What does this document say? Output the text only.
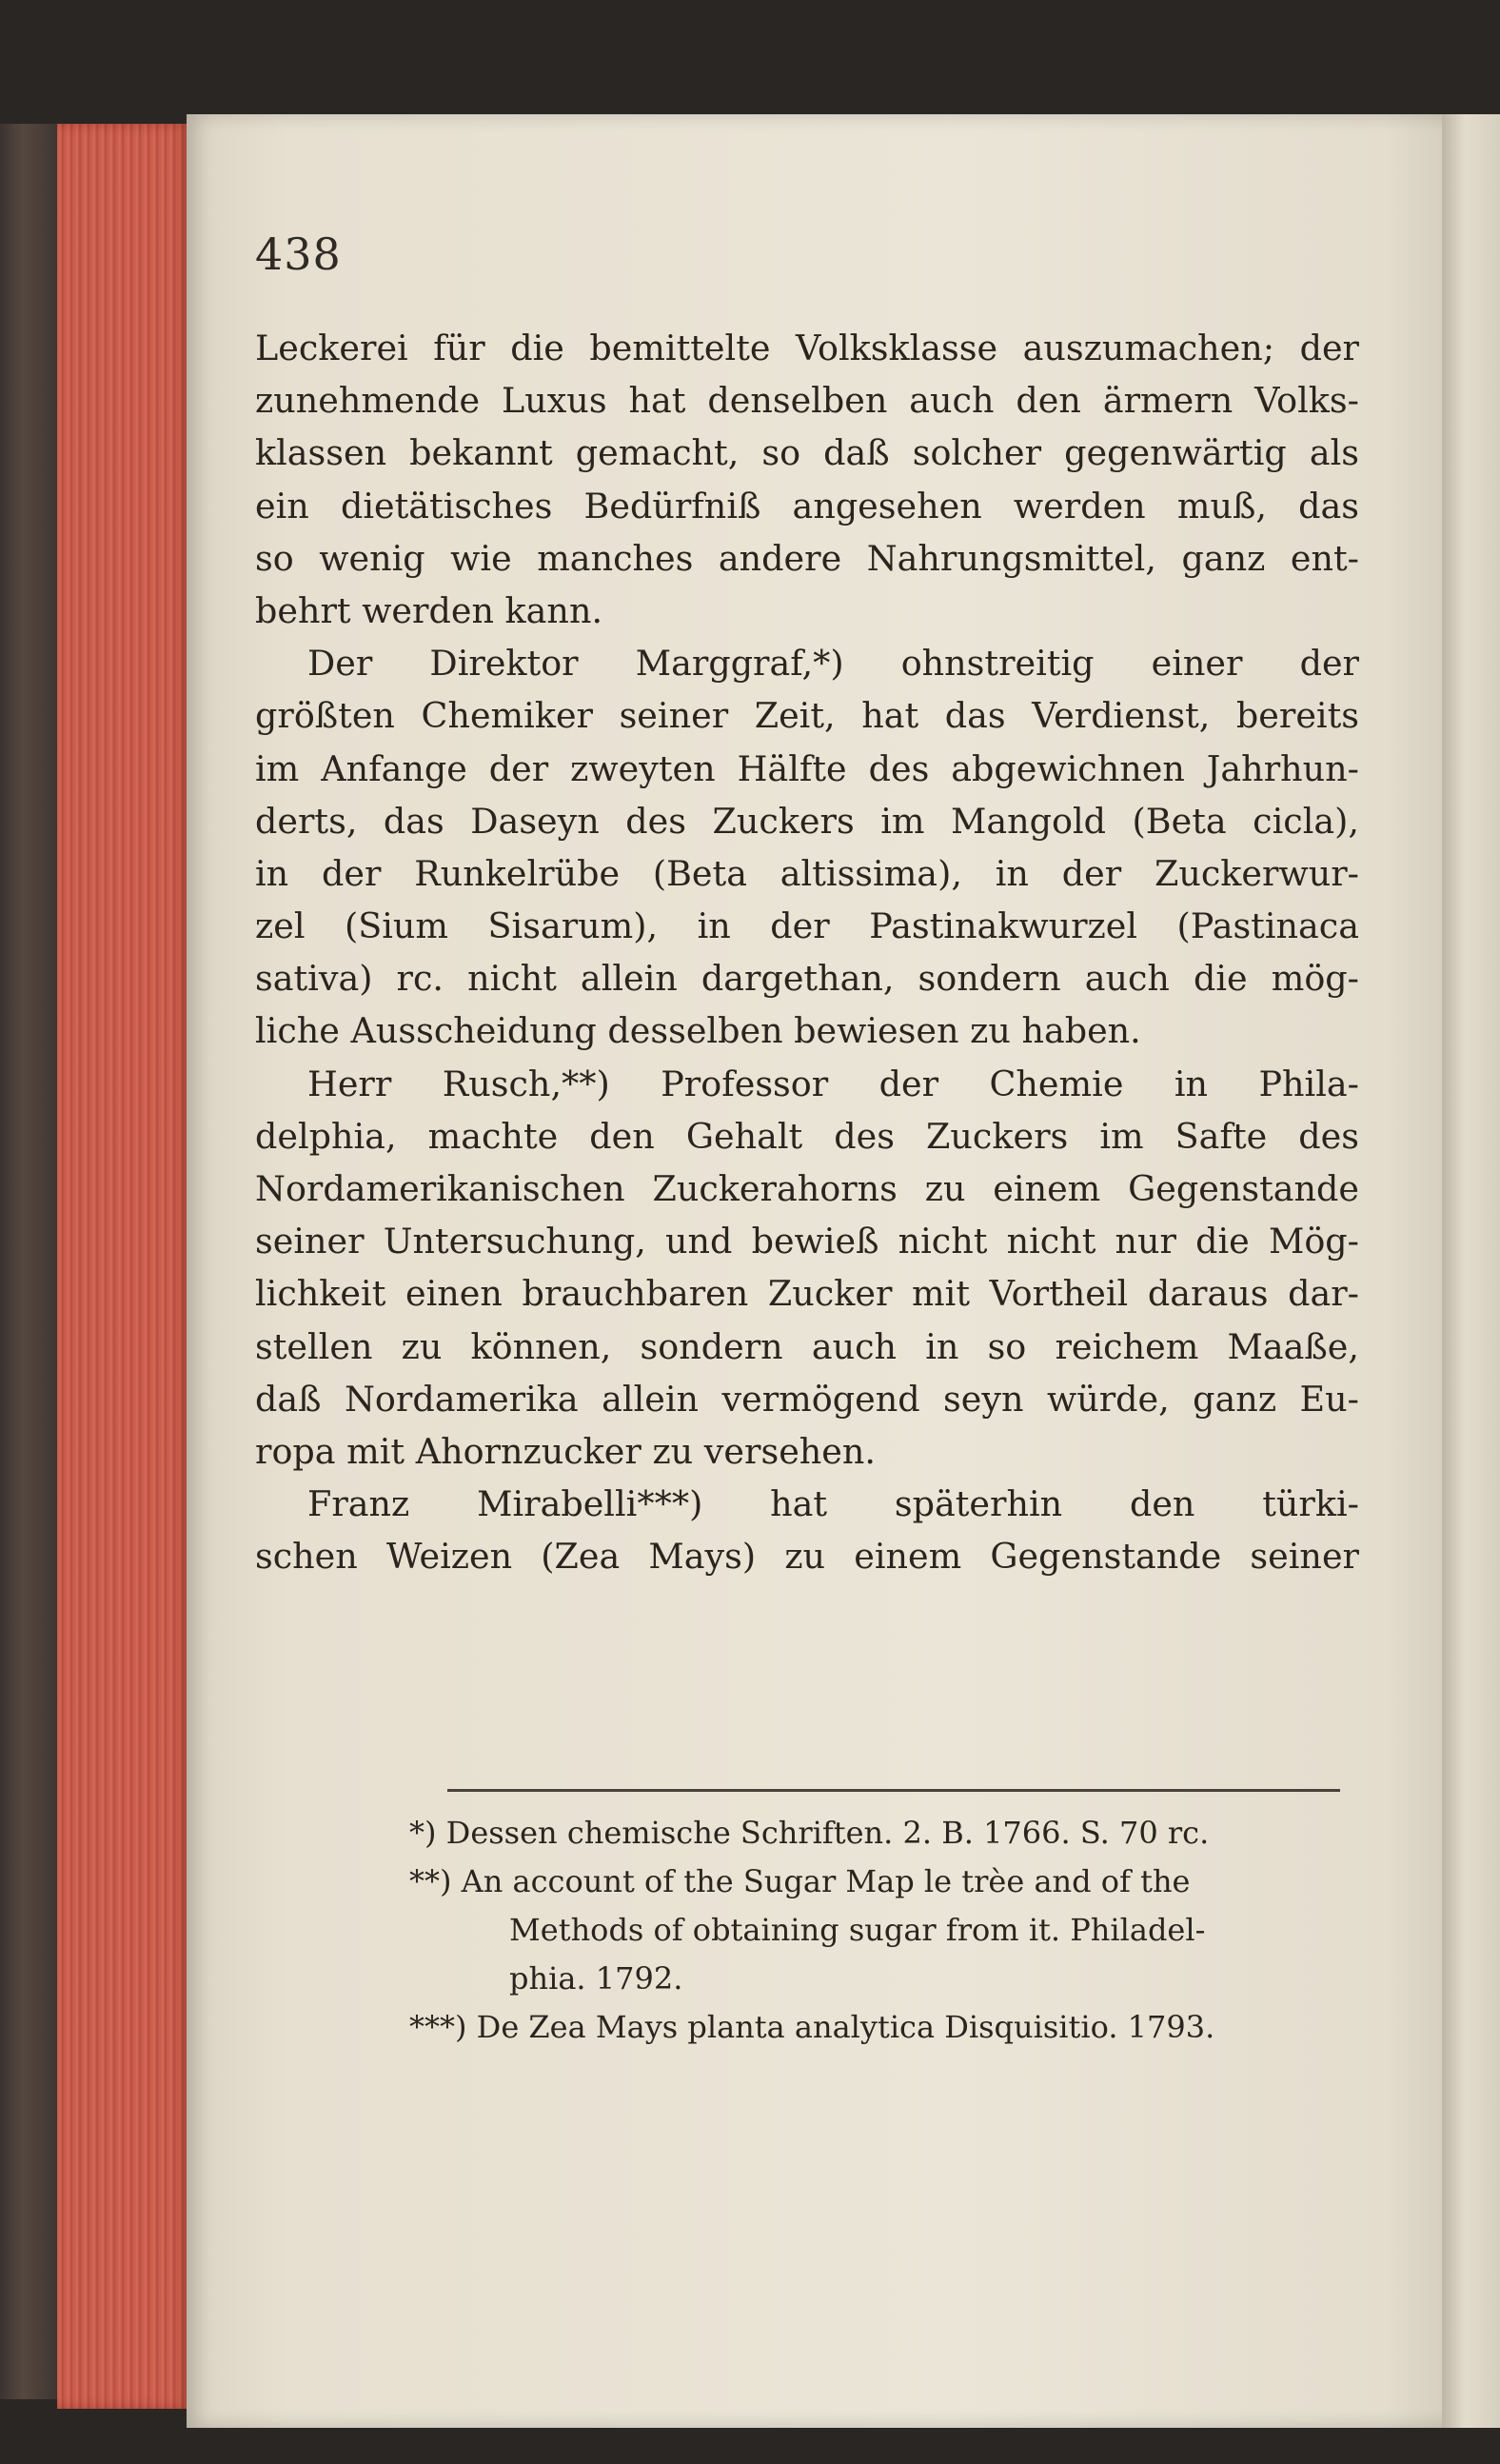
438
Leckerei für die bemittelte Volksklasse auszumachen; der
zunehmende Luxus hat denselben auch den ärmern Volks-
klassen bekannt gemacht, so daß solcher gegenwärtig als
ein dietätisches Bedürfniß angesehen werden muß, das
so wenig wie manches andere Nahrungsmittel, ganz ent-
behrt werden kann.
Der Direktor Marggraf,*) ohnstreitig einer der
größten Chemiker seiner Zeit, hat das Verdienst, bereits
im Anfange der zweyten Hälfte des abgewichnen Jahrhun-
derts, das Daseyn des Zuckers im Mangold (Beta cicla),
in der Runkelrübe (Beta altissima), in der Zuckerwur-
zel (Sium Sisarum), in der Pastinakwurzel (Pastinaca
sativa) rc. nicht allein dargethan, sondern auch die mög-
liche Ausscheidung desselben bewiesen zu haben.
Herr Rusch,**) Professor der Chemie in Phila-
delphia, machte den Gehalt des Zuckers im Safte des
Nordamerikanischen Zuckerahorns zu einem Gegenstande
seiner Untersuchung, und bewieß nicht nicht nur die Mög-
lichkeit einen brauchbaren Zucker mit Vortheil daraus dar-
stellen zu können, sondern auch in so reichem Maaße,
daß Nordamerika allein vermögend seyn würde, ganz Eu-
ropa mit Ahornzucker zu versehen.
Franz Mirabelli***) hat späterhin den türki-
schen Weizen (Zea Mays) zu einem Gegenstande seiner
*) Dessen chemische Schriften. 2. B. 1766. S. 70 rc.
**) An account of the Sugar Map le trèe and of the
Methods of obtaining sugar from it. Philadel-
phia. 1792.
***) De Zea Mays planta analytica Disquisitio. 1793.
